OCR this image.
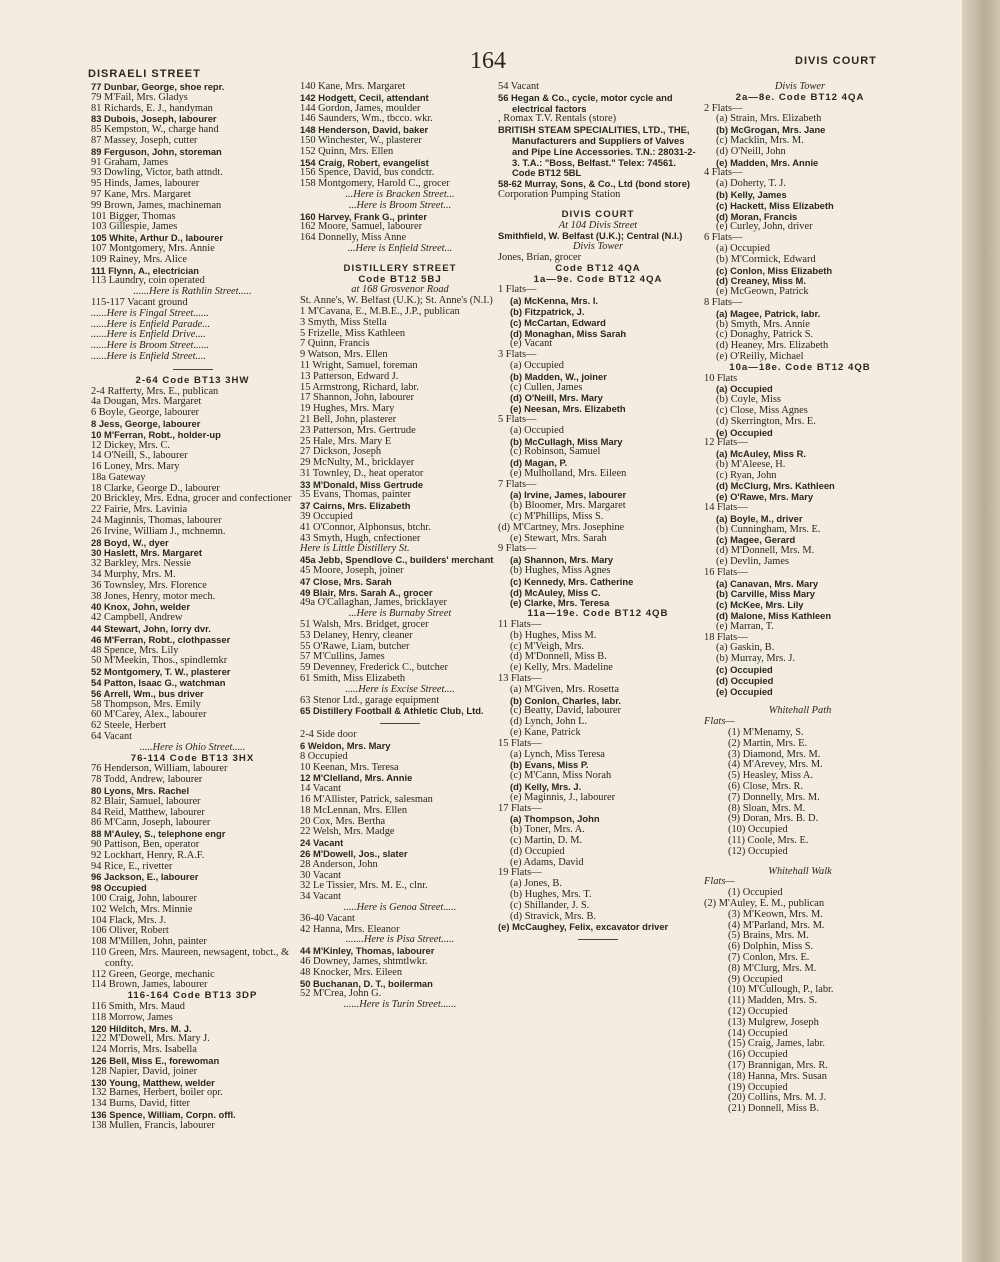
DISRAELI STREET	164	DIVIS COURT
77 Dunbar, George, shoe repr.
79 M'Fail, Mrs. Gladys
81 Richards, E. J., handyman
83 Dubois, Joseph, labourer
85 Kempston, W., charge hand
87 Massey, Joseph, cutter
89 Ferguson, John, storeman
91 Graham, James
93 Dowling, Victor, bath attndt.
95 Hinds, James, labourer
97 Kane, Mrs. Margaret
99 Brown, James, machineman
101 Bigger, Thomas
103 Gillespie, James
105 White, Arthur D., labourer
107 Montgomery, Mrs. Annie
109 Rainey, Mrs. Alice
111 Flynn, A., electrician
113 Laundry, coin operated
......Here is Rathlin Street.....
115-117 Vacant ground
......Here is Fingal Street......
......Here is Enfield Parade...
......Here is Enfield Drive....
......Here is Broom Street......
......Here is Enfield Street....
2-64 Code BT13 3HW
2-4 Rafferty, Mrs. E., publican
4a Dougan, Mrs. Margaret
6 Boyle, George, labourer
8 Jess, George, labourer
10 M'Ferran, Robt., holder-up
12 Dickey, Mrs. C.
14 O'Neill, S., labourer
16 Loney, Mrs. Mary
18a Gateway
18 Clarke, George D., labourer
20 Brickley, Mrs. Edna, grocer and confectioner
22 Fairie, Mrs. Lavinia
24 Maginnis, Thomas, labourer
26 Irvine, William J., mchnemn.
28 Boyd, W., dyer
30 Haslett, Mrs. Margaret
32 Barkley, Mrs. Nessie
34 Murphy, Mrs. M.
36 Townsley, Mrs. Florence
38 Jones, Henry, motor mech.
40 Knox, John, welder
42 Campbell, Andrew
44 Stewart, John, lorry dvr.
46 M'Ferran, Robt., clothpasser
48 Spence, Mrs. Lily
50 M'Meekin, Thos., spindlemkr
52 Montgomery, T. W., plasterer
54 Patton, Isaac G., watchman
56 Arrell, Wm., bus driver
58 Thompson, Mrs. Emily
60 M'Carey, Alex., labourer
62 Steele, Herbert
64 Vacant
.....Here is Ohio Street.....
76-114 Code BT13 3HX
76 Henderson, William, labourer
78 Todd, Andrew, labourer
80 Lyons, Mrs. Rachel
82 Blair, Samuel, labourer
84 Reid, Matthew, labourer
86 M'Cann, Joseph, labourer
88 M'Auley, S., telephone engr
90 Pattison, Ben, operator
92 Lockhart, Henry, R.A.F.
94 Rice, E., rivetter
96 Jackson, E., labourer
98 Occupied
100 Craig, John, labourer
102 Welch, Mrs. Minnie
104 Flack, Mrs. J.
106 Oliver, Robert
108 M'Millen, John, painter
110 Green, Mrs. Maureen, newsagent, tobct., & confty.
112 Green, George, mechanic
114 Brown, James, labourer
116-164 Code BT13 3DP
116 Smith, Mrs. Maud
118 Morrow, James
120 Hilditch, Mrs. M. J.
122 M'Dowell, Mrs. Mary J.
124 Morris, Mrs. Isabella
126 Bell, Miss E., forewoman
128 Napier, David, joiner
130 Young, Matthew, welder
132 Barnes, Herbert, boiler opr.
134 Burns, David, fitter
136 Spence, William, Corpn. offl.
138 Mullen, Francis, labourer
140 Kane, Mrs. Margaret
142 Hodgett, Cecil, attendant
144 Gordon, James, moulder
146 Saunders, Wm., tbcco. wkr.
148 Henderson, David, baker
150 Winchester, W., plasterer
152 Quinn, Mrs. Ellen
154 Craig, Robert, evangelist
156 Spence, David, bus condctr.
158 Montgomery, Harold C., grocer
...Here is Bracken Street...
...Here is Broom Street...
160 Harvey, Frank G., printer
162 Moore, Samuel, labourer
164 Donnelly, Miss Anne
...Here is Enfield Street...
DISTILLERY STREET
Code BT12 5BJ
at 168 Grosvenor Road
St. Anne's, W. Belfast (U.K.); St. Anne's (N.I.)
1 M'Cavana, E., M.B.E., J.P., publican
3 Smyth, Miss Stella
5 Frizelle, Miss Kathleen
7 Quinn, Francis
9 Watson, Mrs. Ellen
11 Wright, Samuel, foreman
13 Patterson, Edward J.
15 Armstrong, Richard, labr.
17 Shannon, John, labourer
19 Hughes, Mrs. Mary
21 Bell, John, plasterer
23 Patterson, Mrs. Gertrude
25 Hale, Mrs. Mary E
27 Dickson, Joseph
29 McNulty, M., bricklayer
31 Townley, D., heat operator
33 M'Donald, Miss Gertrude
35 Evans, Thomas, painter
37 Cairns, Mrs. Elizabeth
39 Occupied
41 O'Connor, Alphonsus, btchr.
43 Smyth, Hugh, cnfectioner
Here is Little Distillery St.
45a Jebb, Spendlove C., builders' merchant
45 Moore, Joseph, joiner
47 Close, Mrs. Sarah
49 Blair, Mrs. Sarah A., grocer
49a O'Callaghan, James, bricklayer
...Here is Burnaby Street
51 Walsh, Mrs. Bridget, grocer
53 Delaney, Henry, cleaner
55 O'Rawe, Liam, butcher
57 M'Cullins, James
59 Devenney, Frederick C., butcher
61 Smith, Miss Elizabeth
.....Here is Excise Street....
63 Stenor Ltd., garage equipment
65 Distillery Football & Athletic Club, Ltd.
2-4 Side door
6 Weldon, Mrs. Mary
8 Occupied
10 Keenan, Mrs. Teresa
12 M'Clelland, Mrs. Annie
14 Vacant
16 M'Allister, Patrick, salesman
18 McLennan, Mrs. Ellen
20 Cox, Mrs. Bertha
22 Welsh, Mrs. Madge
24 Vacant
26 M'Dowell, Jos., slater
28 Anderson, John
30 Vacant
32 Le Tissier, Mrs. M. E., clnr.
34 Vacant
.....Here is Genoa Street.....
36-40 Vacant
42 Hanna, Mrs. Eleanor
.......Here is Pisa Street.....
44 M'Kinley, Thomas, labourer
46 Downey, James, shtmtlwkr.
48 Knocker, Mrs. Eileen
50 Buchanan, D. T., boilerman
52 M'Crea, John G.
......Here is Turin Street......
54 Vacant
56 Hegan & Co., cycle, motor cycle and electrical factors
, Romax T.V. Rentals (store)
BRITISH STEAM SPECIALITIES, LTD., THE, Manufacturers and Suppliers of Valves and Pipe Line Accessories. T.N.: 28031-2-3. T.A.: "Boss, Belfast." Telex: 74561. Code BT12 5BL
58-62 Murray, Sons, & Co., Ltd (bond store)
Corporation Pumping Station
DIVIS COURT
At 104 Divis Street
Smithfield, W. Belfast (U.K.); Central (N.I.)
Divis Tower
Jones, Brian, grocer
Code BT12 4QA
1a—9e. Code BT12 4QA
1 Flats—
(a) McKenna, Mrs. I.
(b) Fitzpatrick, J.
(c) McCartan, Edward
(d) Monaghan, Miss Sarah
(e) Vacant
3 Flats—
(a) Occupied
(b) Madden, W., joiner
(c) Cullen, James
(d) O'Neill, Mrs. Mary
(e) Neesan, Mrs. Elizabeth
5 Flats—
(a) Occupied
(b) McCullagh, Miss Mary
(c) Robinson, Samuel
(d) Magan, P.
(e) Mulholland, Mrs. Eileen
7 Flats—
(a) Irvine, James, labourer
(b) Bloomer, Mrs. Margaret
(c) M'Phillips, Miss S.
(d) M'Cartney, Mrs. Josephine
(e) Stewart, Mrs. Sarah
9 Flats—
(a) Shannon, Mrs. Mary
(b) Hughes, Miss Agnes
(c) Kennedy, Mrs. Catherine
(d) McAuley, Miss C.
(e) Clarke, Mrs. Teresa
11a—19e. Code BT12 4QB
11 Flats—
(b) Hughes, Miss M.
(c) M'Veigh, Mrs.
(d) M'Donnell, Miss B.
(e) Kelly, Mrs. Madeline
13 Flats—
(a) M'Given, Mrs. Rosetta
(b) Conlon, Charles, labr.
(c) Beatty, David, labourer
(d) Lynch, John L.
(e) Kane, Patrick
15 Flats—
(a) Lynch, Miss Teresa
(b) Evans, Miss P.
(c) M'Cann, Miss Norah
(d) Kelly, Mrs. J.
(e) Maginnis, J., labourer
17 Flats—
(a) Thompson, John
(b) Toner, Mrs. A.
(c) Martin, D. M.
(d) Occupied
(e) Adams, David
19 Flats—
(a) Jones, B.
(b) Hughes, Mrs. T.
(c) Shillander, J. S.
(d) Stravick, Mrs. B.
(e) McCaughey, Felix, excavator driver
Divis Tower
2a—8e. Code BT12 4QA
2 Flats—
(a) Strain, Mrs. Elizabeth
(b) McGrogan, Mrs. Jane
(c) Macklin, Mrs. M.
(d) O'Neill, John
(e) Madden, Mrs. Annie
4 Flats—
(a) Doherty, T. J.
(b) Kelly, James
(c) Hackett, Miss Elizabeth
(d) Moran, Francis
(e) Curley, John, driver
6 Flats—
(a) Occupied
(b) M'Cormick, Edward
(c) Conlon, Miss Elizabeth
(d) Creaney, Miss M.
(e) McGeown, Patrick
8 Flats—
(a) Magee, Patrick, labr.
(b) Smyth, Mrs. Annie
(c) Donaghy, Patrick S.
(d) Heaney, Mrs. Elizabeth
(e) O'Reilly, Michael
10a—18e. Code BT12 4QB
10 Flats
(a) Occupied
(b) Coyle, Miss
(c) Close, Miss Agnes
(d) Skerrington, Mrs. E.
(e) Occupied
12 Flats—
(a) McAuley, Miss R.
(b) M'Aleese, H.
(c) Ryan, John
(d) McClurg, Mrs. Kathleen
(e) O'Rawe, Mrs. Mary
14 Flats—
(a) Boyle, M., driver
(b) Cunningham, Mrs. E.
(c) Magee, Gerard
(d) M'Donnell, Mrs. M.
(e) Devlin, James
16 Flats—
(a) Canavan, Mrs. Mary
(b) Carville, Miss Mary
(c) McKee, Mrs. Lily
(d) Malone, Miss Kathleen
(e) Marran, T.
18 Flats—
(a) Gaskin, B.
(b) Murray, Mrs. J.
(c) Occupied
(d) Occupied
(e) Occupied
Whitehall Path
Flats—
(1) M'Menamy, S.
(2) Martin, Mrs. E.
(3) Diamond, Mrs. M.
(4) M'Arevey, Mrs. M.
(5) Heasley, Miss A.
(6) Close, Mrs. R.
(7) Donnelly, Mrs. M.
(8) Sloan, Mrs. M.
(9) Doran, Mrs. B. D.
(10) Occupied
(11) Coole, Mrs. E.
(12) Occupied
Whitehall Walk
Flats—
(1) Occupied
(2) M'Auley, E. M., publican
(3) M'Keown, Mrs. M.
(4) M'Parland, Mrs. M.
(5) Brains, Mrs. M.
(6) Dolphin, Miss S.
(7) Conlon, Mrs. E.
(8) M'Clurg, Mrs. M.
(9) Occupied
(10) M'Cullough, P., labr.
(11) Madden, Mrs. S.
(12) Occupied
(13) Mulgrew, Joseph
(14) Occupied
(15) Craig, James, labr.
(16) Occupied
(17) Brannigan, Mrs. R.
(18) Hanna, Mrs. Susan
(19) Occupied
(20) Collins, Mrs. M. J.
(21) Donnell, Miss B.
